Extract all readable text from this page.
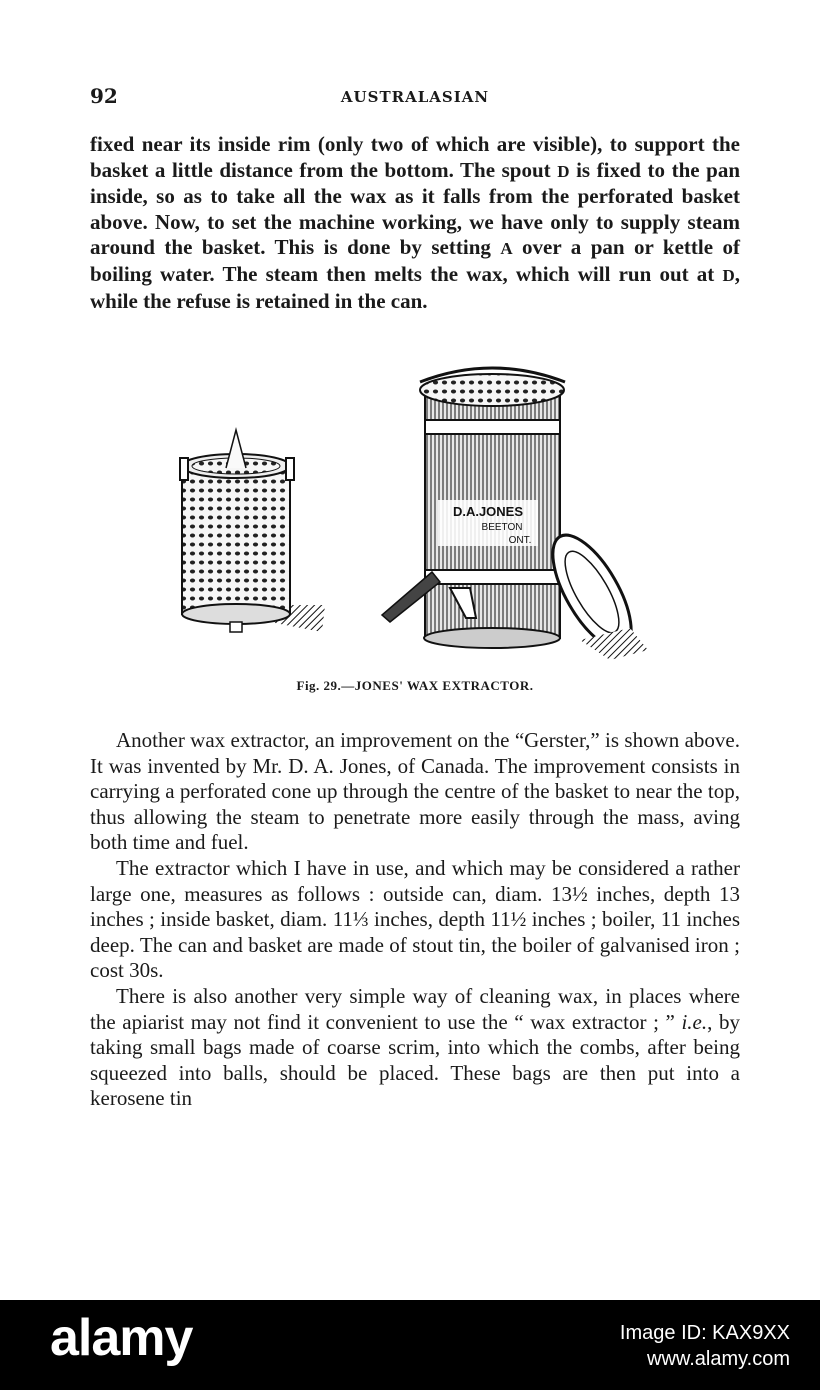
92	AUSTRALASIAN
fixed near its inside rim (only two of which are visible), to support the basket a little distance from the bottom. The spout D is fixed to the pan inside, so as to take all the wax as it falls from the perforated basket above. Now, to set the machine working, we have only to supply steam around the basket. This is done by setting A over a pan or kettle of boiling water. The steam then melts the wax, which will run out at D, while the refuse is retained in the can.
D.A.JONES
BEETON
ONT.
Fig. 29.—JONES' WAX EXTRACTOR.

Another wax extractor, an improvement on the “Gerster,” is shown above. It was invented by Mr. D. A. Jones, of Canada. The improvement consists in carrying a perforated cone up through the centre of the basket to near the top, thus allowing the steam to penetrate more easily through the mass, aving both time and fuel.

The extractor which I have in use, and which may be considered a rather large one, measures as follows : outside can, diam. 13½ inches, depth 13 inches ; inside basket, diam. 11⅓ inches, depth 11½ inches ; boiler, 11 inches deep. The can and basket are made of stout tin, the boiler of galvanised iron ; cost 30s.

There is also another very simple way of cleaning wax, in places where the apiarist may not find it convenient to use the “ wax extractor ; ” i.e., by taking small bags made of coarse scrim, into which the combs, after being squeezed into balls, should be placed. These bags are then put into a kerosene tin

alamy	Image ID: KAX9XX
www.alamy.com
